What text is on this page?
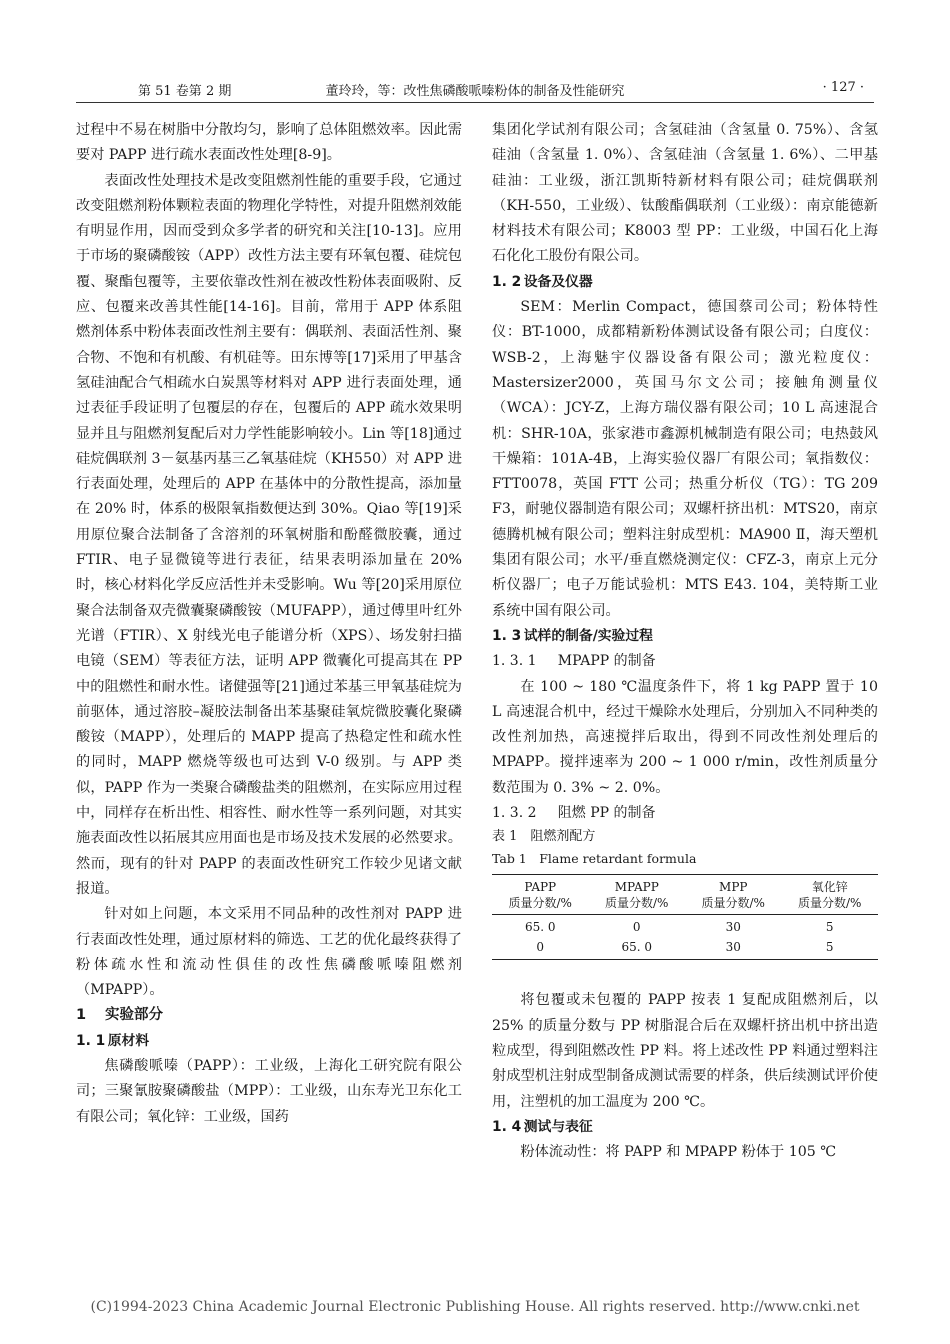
第 51 卷第 2 期	董玲玲，等：改性焦磷酸哌嗪粉体的制备及性能研究	· 127 ·

过程中不易在树脂中分散均匀，影响了总体阻燃效率。因此需要对 PAPP 进行疏水表面改性处理[8-9]。

表面改性处理技术是改变阻燃剂性能的重要手段，它通过改变阻燃剂粉体颗粒表面的物理化学特性，对提升阻燃剂效能有明显作用，因而受到众多学者的研究和关注[10-13]。应用于市场的聚磷酸铵（APP）改性方法主要有环氧包覆、硅烷包覆、聚酯包覆等，主要依靠改性剂在被改性粉体表面吸附、反应、包覆来改善其性能[14-16]。目前，常用于 APP 体系阻燃剂体系中粉体表面改性剂主要有：偶联剂、表面活性剂、聚合物、不饱和有机酸、有机硅等。田东博等[17]采用了甲基含氢硅油配合气相疏水白炭黑等材料对 APP 进行表面处理，通过表征手段证明了包覆层的存在，包覆后的 APP 疏水效果明显并且与阻燃剂复配后对力学性能影响较小。Lin 等[18]通过硅烷偶联剂 3－氨基丙基三乙氧基硅烷（KH550）对 APP 进行表面处理，处理后的 APP 在基体中的分散性提高，添加量在 20% 时，体系的极限氧指数便达到 30%。Qiao 等[19]采用原位聚合法制备了含溶剂的环氧树脂和酚醛微胶囊，通过 FTIR、电子显微镜等进行表征，结果表明添加量在 20% 时，核心材料化学反应活性并未受影响。Wu 等[20]采用原位聚合法制备双壳微囊聚磷酸铵（MUFAPP），通过傅里叶红外光谱（FTIR）、X 射线光电子能谱分析（XPS）、场发射扫描电镜（SEM）等表征方法，证明 APP 微囊化可提高其在 PP 中的阻燃性和耐水性。诸健强等[21]通过苯基三甲氧基硅烷为前驱体，通过溶胶–凝胶法制备出苯基聚硅氧烷微胶囊化聚磷酸铵（MAPP），处理后的 MAPP 提高了热稳定性和疏水性的同时，MAPP 燃烧等级也可达到 V-0 级别。与 APP 类似，PAPP 作为一类聚合磷酸盐类的阻燃剂，在实际应用过程中，同样存在析出性、相容性、耐水性等一系列问题，对其实施表面改性以拓展其应用面也是市场及技术发展的必然要求。然而，现有的针对 PAPP 的表面改性研究工作较少见诸文献报道。

针对如上问题，本文采用不同品种的改性剂对 PAPP 进行表面改性处理，通过原材料的筛选、工艺的优化最终获得了粉体疏水性和流动性俱佳的改性焦磷酸哌嗪阻燃剂（MPAPP）。

1 实验部分

1. 1 原材料

焦磷酸哌嗪（PAPP）：工业级，上海化工研究院有限公司；三聚氰胺聚磷酸盐（MPP）：工业级，山东寿光卫东化工有限公司；氧化锌：工业级，国药

集团化学试剂有限公司；含氢硅油（含氢量 0. 75%）、含氢硅油（含氢量 1. 0%）、含氢硅油（含氢量 1. 6%）、二甲基硅油：工业级，浙江凯斯特新材料有限公司；硅烷偶联剂（KH-550，工业级）、钛酸酯偶联剂（工业级）：南京能德新材料技术有限公司；K8003 型 PP：工业级，中国石化上海石化化工股份有限公司。

1. 2 设备及仪器

SEM：Merlin Compact，德国蔡司公司；粉体特性仪：BT-1000，成都精新粉体测试设备有限公司；白度仪：WSB-2，上海魅宇仪器设备有限公司；激光粒度仪：Mastersizer2000，英国马尔文公司；接触角测量仪（WCA）：JCY-Z，上海方瑞仪器有限公司；10 L 高速混合机：SHR-10A，张家港市鑫源机械制造有限公司；电热鼓风干燥箱：101A-4B，上海实验仪器厂有限公司；氧指数仪：FTT0078，英国 FTT 公司；热重分析仪（TG）：TG 209 F3，耐驰仪器制造有限公司；双螺杆挤出机：MTS20，南京德腾机械有限公司；塑料注射成型机：MA900 Ⅱ，海天塑机集团有限公司；水平/垂直燃烧测定仪：CFZ-3，南京上元分析仪器厂；电子万能试验机：MTS E43. 104，美特斯工业系统中国有限公司。

1. 3 试样的制备/实验过程

1. 3. 1 MPAPP 的制备

在 100 ~ 180 ℃温度条件下，将 1 kg PAPP 置于 10 L 高速混合机中，经过干燥除水处理后，分别加入不同种类的改性剂加热，高速搅拌后取出，得到不同改性剂处理后的 MPAPP。搅拌速率为 200 ~ 1 000 r/min，改性剂质量分数范围为 0. 3% ~ 2. 0%。

1. 3. 2 阻燃 PP 的制备

表 1　阻燃剂配方

Tab 1　Flame retardant formula

PAPP	MPAPP	MPP	氧化锌
质量分数/%	质量分数/%	质量分数/%	质量分数/%
65. 0	0	30	5
0	65. 0	30	5

将包覆或未包覆的 PAPP 按表 1 复配成阻燃剂后，以 25% 的质量分数与 PP 树脂混合后在双螺杆挤出机中挤出造粒成型，得到阻燃改性 PP 料。将上述改性 PP 料通过塑料注射成型机注射成型制备成测试需要的样条，供后续测试评价使用，注塑机的加工温度为 200 ℃。

1. 4 测试与表征

粉体流动性：将 PAPP 和 MPAPP 粉体于 105 ℃

(C)1994-2023 China Academic Journal Electronic Publishing House. All rights reserved. http://www.cnki.net
